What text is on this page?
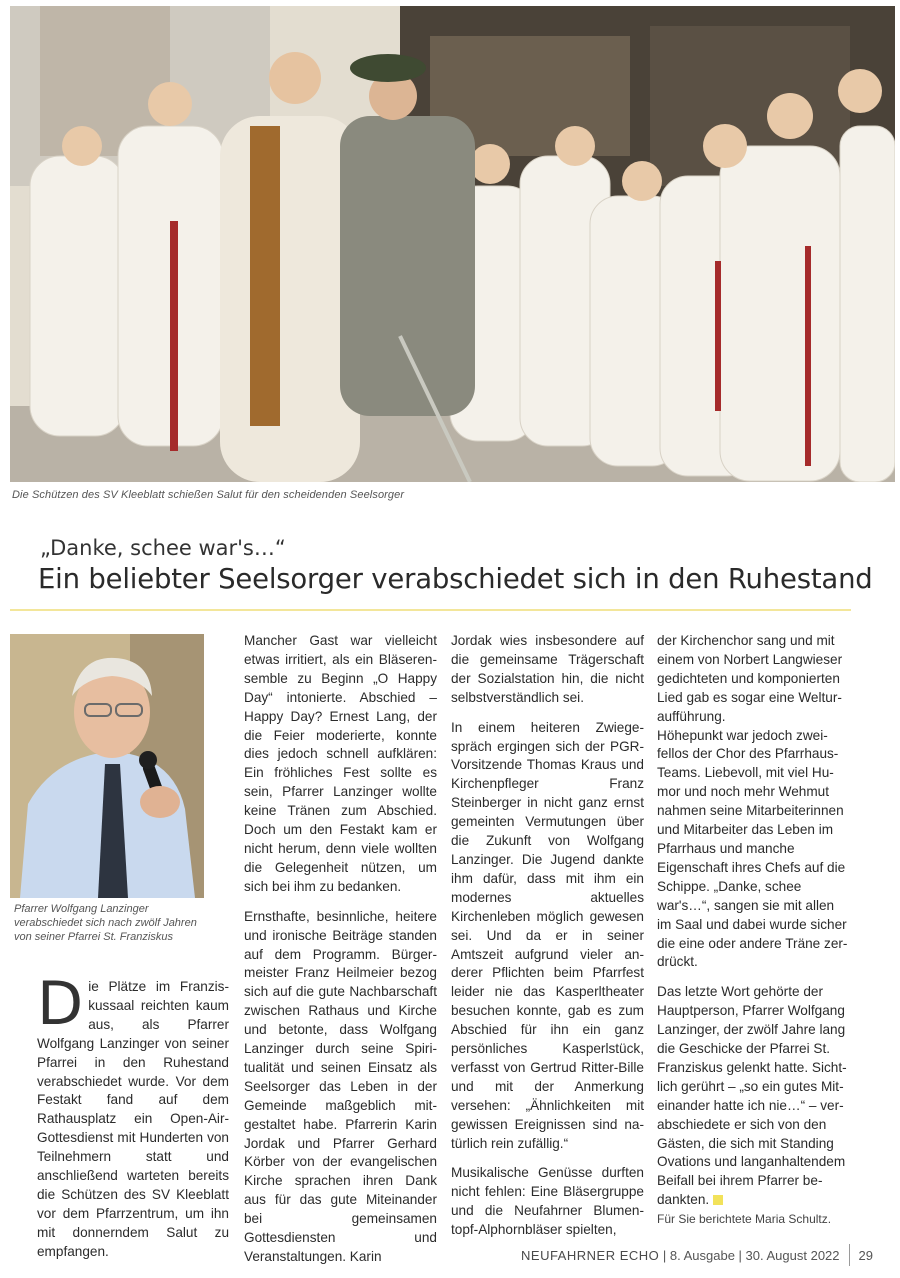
Die Schützen des SV Kleeblatt schießen Salut für den scheidenden Seelsorger
„Danke, schee war's…“
Ein beliebter Seelsorger verabschiedet sich in den Ruhestand
Pfarrer Wolfgang Lanzinger verabschiedet sich nach zwölf Jahren von seiner Pfarrei St. Franziskus

Die Plätze im Franziskussaal reichten kaum aus, als Pfarrer Wolfgang Lanzinger von seiner Pfarrei in den Ruhestand verabschiedet wurde. Vor dem Festakt fand auf dem Rathausplatz ein Open-Air-Gottesdienst mit Hunderten von Teilnehmern statt und anschließend warteten bereits die Schützen des SV Kleeblatt vor dem Pfarrzentrum, um ihn mit donnerndem Salut zu empfangen.

Mancher Gast war vielleicht etwas irritiert, als ein Bläserensemble zu Beginn „O Happy Day“ intonierte. Abschied – Happy Day? Ernest Lang, der die Feier moderierte, konnte dies jedoch schnell aufklären: Ein fröhliches Fest sollte es sein, Pfarrer Lanzinger wollte keine Tränen zum Abschied. Doch um den Festakt kam er nicht herum, denn viele wollten die Gelegenheit nützen, um sich bei ihm zu bedanken.

Ernsthafte, besinnliche, heitere und ironische Beiträge standen auf dem Programm. Bürgermeister Franz Heilmeier bezog sich auf die gute Nachbarschaft zwischen Rathaus und Kirche und betonte, dass Wolfgang Lanzinger durch seine Spiritualität und seinen Einsatz als Seelsorger das Leben in der Gemeinde maßgeblich mitgestaltet habe. Pfarrerin Karin Jordak und Pfarrer Gerhard Körber von der evangelischen Kirche sprachen ihren Dank aus für das gute Miteinander bei gemeinsamen Gottesdiensten und Veranstaltungen. Karin

Jordak wies insbesondere auf die gemeinsame Trägerschaft der Sozialstation hin, die nicht selbstverständlich sei.

In einem heiteren Zwiegespräch ergingen sich der PGR-Vorsitzende Thomas Kraus und Kirchenpfleger Franz Steinberger in nicht ganz ernst gemeinten Vermutungen über die Zukunft von Wolfgang Lanzinger. Die Jugend dankte ihm dafür, dass mit ihm ein modernes aktuelles Kirchenleben möglich gewesen sei. Und da er in seiner Amtszeit aufgrund vieler anderer Pflichten beim Pfarrfest leider nie das Kasperltheater besuchen konnte, gab es zum Abschied für ihn ein ganz persönliches Kasperlstück, verfasst von Gertrud Ritter-Bille und mit der Anmerkung versehen: „Ähnlichkeiten mit gewissen Ereignissen sind natürlich rein zufällig.“

Musikalische Genüsse durften nicht fehlen: Eine Bläsergruppe und die Neufahrner Blumentopf-Alphornbläser spielten,

der Kirchenchor sang und mit einem von Norbert Langwieser gedichteten und komponierten Lied gab es sogar eine Welturaufführung.
Höhepunkt war jedoch zweifellos der Chor des Pfarrhaus-Teams. Liebevoll, mit viel Humor und noch mehr Wehmut nahmen seine Mitarbeiterinnen und Mitarbeiter das Leben im Pfarrhaus und manche Eigenschaft ihres Chefs auf die Schippe. „Danke, schee war's…“, sangen sie mit allen im Saal und dabei wurde sicher die eine oder andere Träne zerdrückt.

Das letzte Wort gehörte der Hauptperson, Pfarrer Wolfgang Lanzinger, der zwölf Jahre lang die Geschicke der Pfarrei St. Franziskus gelenkt hatte. Sichtlich gerührt – „so ein gutes Miteinander hatte ich nie…“ – verabschiedete er sich von den Gästen, die sich mit Standing Ovations und langanhaltendem Beifall bei ihrem Pfarrer bedankten.

Für Sie berichtete Maria Schultz.
NEUFAHRNER ECHO | 8. Ausgabe | 30. August 2022 29
